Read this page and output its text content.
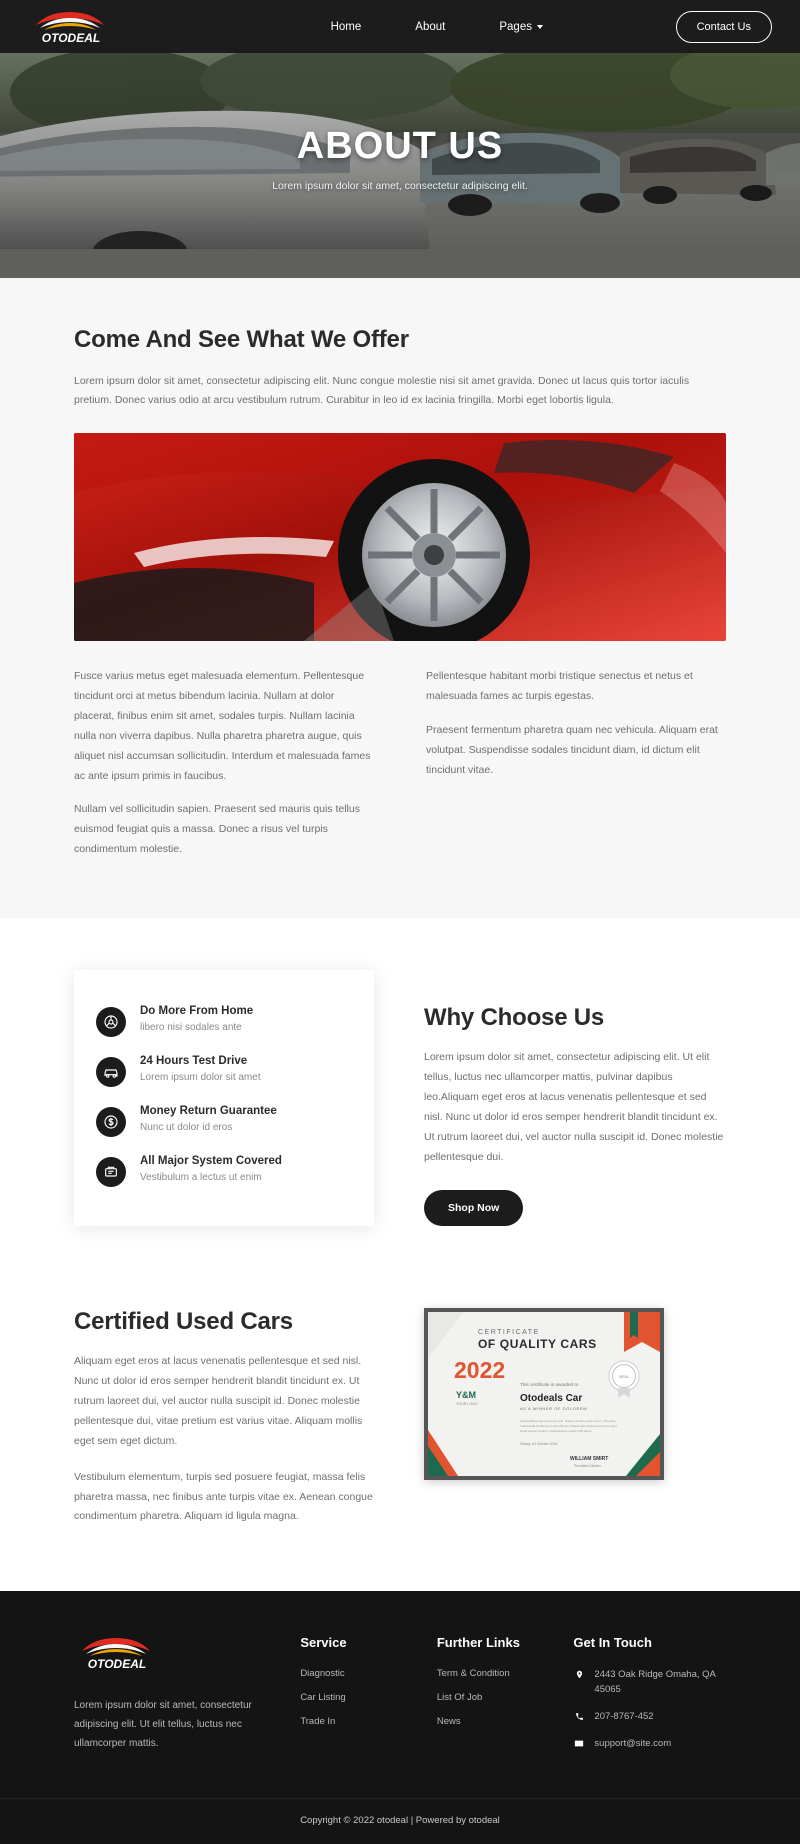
OTODEAL
Home	About	Pages	Contact Us
ABOUT US
Lorem ipsum dolor sit amet, consectetur adipiscing elit.
Come And See What We Offer
Lorem ipsum dolor sit amet, consectetur adipiscing elit. Nunc congue molestie nisi sit amet gravida. Donec ut lacus quis tortor iaculis pretium. Donec varius odio at arcu vestibulum rutrum. Curabitur in leo id ex lacinia fringilla. Morbi eget lobortis ligula.
Fusce varius metus eget malesuada elementum. Pellentesque tincidunt orci at metus bibendum lacinia. Nullam at dolor placerat, finibus enim sit amet, sodales turpis. Nullam lacinia nulla non viverra dapibus. Nulla pharetra pharetra augue, quis aliquet nisl accumsan sollicitudin. Interdum et malesuada fames ac ante ipsum primis in faucibus.
Nullam vel sollicitudin sapien. Praesent sed mauris quis tellus euismod feugiat quis a massa. Donec a risus vel turpis condimentum molestie.
Pellentesque habitant morbi tristique senectus et netus et malesuada fames ac turpis egestas.
Praesent fermentum pharetra quam nec vehicula. Aliquam erat volutpat. Suspendisse sodales tincidunt diam, id dictum elit tincidunt vitae.
Do More From Home
libero nisi sodales ante
24 Hours Test Drive
Lorem ipsum dolor sit amet
Money Return Guarantee
Nunc ut dolor id eros
All Major System Covered
Vestibulum a lectus ut enim
Why Choose Us
Lorem ipsum dolor sit amet, consectetur adipiscing elit. Ut elit tellus, luctus nec ullamcorper mattis, pulvinar dapibus leo.Aliquam eget eros at lacus venenatis pellentesque et sed nisl. Nunc ut dolor id eros semper hendrerit blandit tincidunt ex. Ut rutrum laoreet dui, vel auctor nulla suscipit id. Donec molestie pellentesque dui.
Shop Now
Certified Used Cars
Aliquam eget eros at lacus venenatis pellentesque et sed nisl. Nunc ut dolor id eros semper hendrerit blandit tincidunt ex. Ut rutrum laoreet dui, vel auctor nulla suscipit id. Donec molestie pellentesque dui, vitae pretium est varius vitae. Aliquam mollis eget sem eget dictum.
Vestibulum elementum, turpis sed posuere feugiat, massa felis pharetra massa, nec finibus ante turpis vitae ex. Aenean congue condimentum pharetra. Aliquam id ligula magna.
CERTIFICATE
OF QUALITY CARS
2022
Y&M
YOUR LOGO
This certificate is awarded to
Otodeals Car
AS A WINNER OF DOLOREM
Suspendisse eget posuere velit. Nullam at dolor enim lorem. Pharetra,
malesuada tincidunt leo dui ultricies. Maecenas consectetur lacus eget
ligula auctor pretium. Pellentesque mattis nibh lacus.
Sidney, 04 October 2016
WILLIAM SMIRT
President Director
SEAL
OTODEAL
Lorem ipsum dolor sit amet, consectetur adipiscing elit. Ut elit tellus, luctus nec ullamcorper mattis.
Service
Diagnostic
Car Listing
Trade In
Further Links
Term & Condition
List Of Job
News
Get In Touch
2443 Oak Ridge Omaha, QA 45065
207-8767-452
support@site.com
Copyright © 2022 otodeal | Powered by otodeal
